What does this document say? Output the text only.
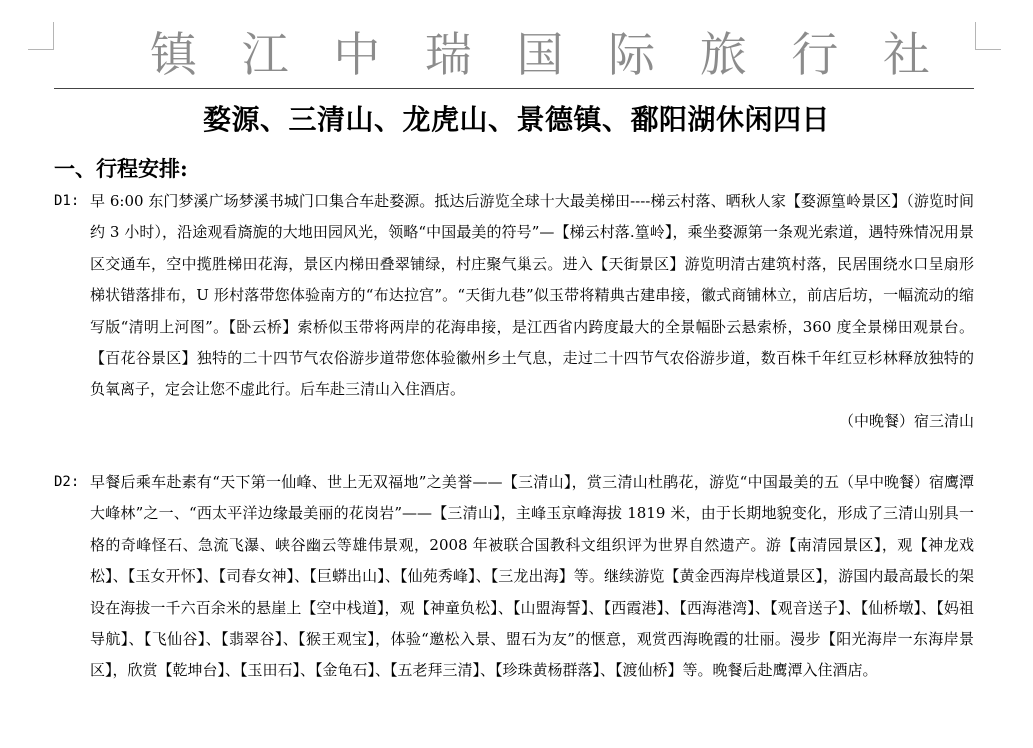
镇 江 中 瑞 国 际 旅 行 社
婺源、三清山、龙虎山、景德镇、鄱阳湖休闲四日
一、行程安排:
D1: 早 6:00 东门梦溪广场梦溪书城门口集合车赴婺源。抵达后游览全球十大最美梯田----梯云村落、晒秋人家【婺源篁岭景区】（游览时间约 3 小时），沿途观看旖旎的大地田园风光，领略“中国最美的符号”—【梯云村落.篁岭】，乘坐婺源第一条观光索道，遇特殊情况用景区交通车，空中揽胜梯田花海，景区内梯田叠翠铺绿，村庄聚气巢云。进入【天街景区】游览明清古建筑村落，民居围绕水口呈扇形梯状错落排布，U 形村落带您体验南方的“布达拉宫”。“天街九巷”似玉带将精典古建串接，徽式商铺林立，前店后坊，一幅流动的缩写版“清明上河图”。【卧云桥】索桥似玉带将两岸的花海串接，是江西省内跨度最大的全景幅卧云悬索桥，360 度全景梯田观景台。【百花谷景区】独特的二十四节气农俗游步道带您体验徽州乡土气息，走过二十四节气农俗游步道，数百株千年红豆杉林释放独特的负氧离子，定会让您不虚此行。后车赴三清山入住酒店。
（中晚餐）宿三清山
D2:	（早中晚餐）宿鹰潭
早餐后乘车赴素有“天下第一仙峰、世上无双福地”之美誉——【三清山】，赏三清山杜鹃花，游览“中国最美的五大峰林”之一、“西太平洋边缘最美丽的花岗岩”——【三清山】，主峰玉京峰海拔 1819 米，由于长期地貌变化，形成了三清山别具一格的奇峰怪石、急流飞瀑、峡谷幽云等雄伟景观，2008 年被联合国教科文组织评为世界自然遗产。游【南清园景区】，观【神龙戏松】、【玉女开怀】、【司春女神】、【巨蟒出山】、【仙苑秀峰】、【三龙出海】等。继续游览【黄金西海岸栈道景区】，游国内最高最长的架设在海拔一千六百余米的悬崖上【空中栈道】，观【神童负松】、【山盟海誓】、【西霞港】、【西海港湾】、【观音送子】、【仙桥墩】、【妈祖导航】、【飞仙谷】、【翡翠谷】、【猴王观宝】，体验“邀松入景、盟石为友”的惬意，观赏西海晚霞的壮丽。漫步【阳光海岸一东海岸景区】，欣赏【乾坤台】、【玉田石】、【金龟石】、【五老拜三清】、【珍珠黄杨群落】、【渡仙桥】等。晚餐后赴鹰潭入住酒店。
